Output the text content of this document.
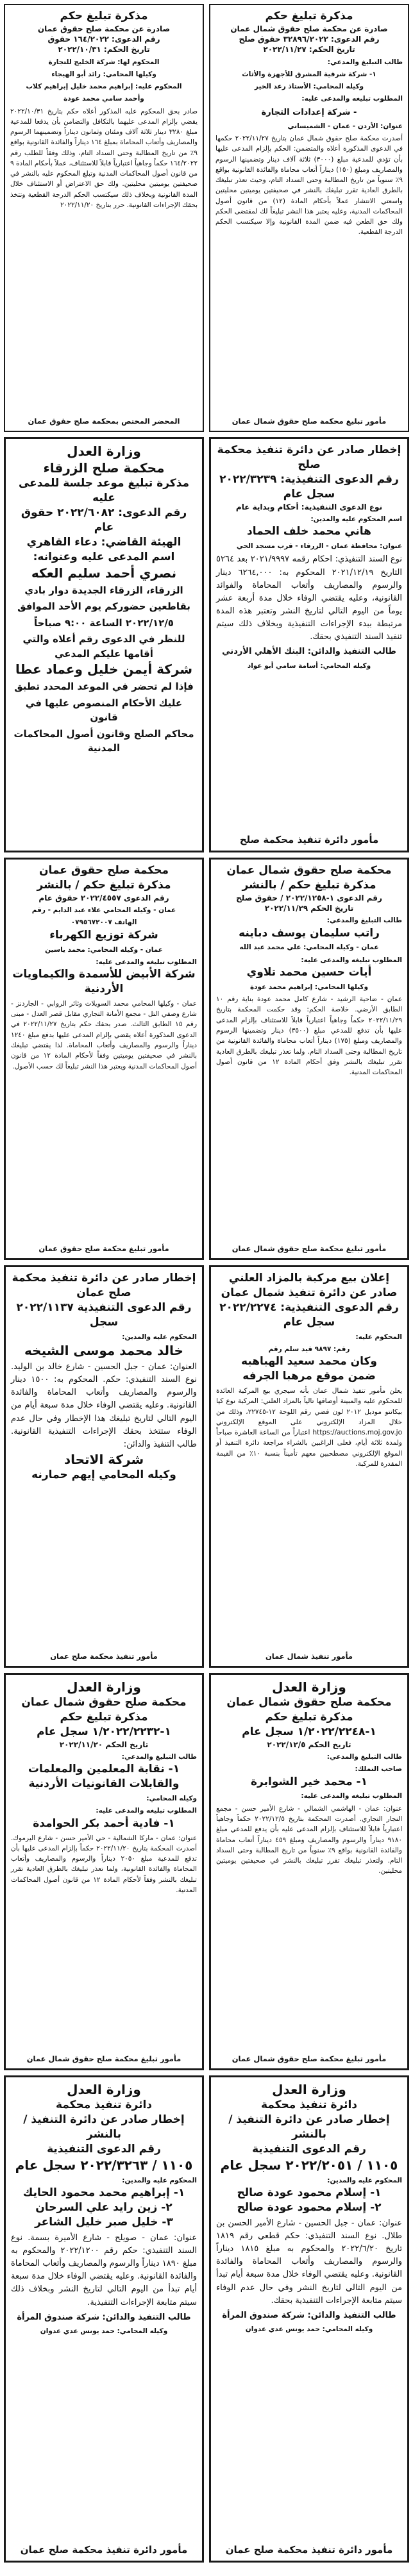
مذكرة تبليغ حكم
صادرة عن محكمة صلح حقوق شمال عمان
رقم الدعوى: ٣٢٨٩٦/٢٠٢٢ حقوق صلح
تاريخ الحكم: ٢٠٢٢/١١/٢٧
طالب التبليغ والمدعي:
١- شركة شرقية المشرق للأجهزة والأثاث
وكيله المحامي: الأستاذ رعد الخير
المطلوب تبليغه والمدعى عليه:
- شركة إعدادات التجارة
عنوان: الأردن - عمان - الشميساني
أصدرت محكمة صلح حقوق شمال عمان بتاريخ ٢٠٢٢/١١/٢٧ حكمها في الدعوى المذكورة أعلاه والمتضمن: الحكم بإلزام المدعى عليها بأن تؤدي للمدعية مبلغ (٣٠٠٠) ثلاثة آلاف دينار وتضمينها الرسوم والمصاريف ومبلغ (١٥٠) ديناراً أتعاب محاماة والفائدة القانونية بواقع ٩٪ سنوياً من تاريخ المطالبة وحتى السداد التام، وحيث تعذر تبليغك بالطرق العادية تقرر تبليغك بالنشر في صحيفتين يوميتين محليتين واسعتي الانتشار عملاً بأحكام المادة (١٢) من قانون أصول المحاكمات المدنية، وعليه يعتبر هذا النشر تبليغاً لك لمقتضى الحكم ولك حق الطعن فيه ضمن المدة القانونية وإلا سيكتسب الحكم الدرجة القطعية.
مأمور تبليغ محكمة صلح حقوق شمال عمان
مذكرة تبليغ حكم
صادرة عن محكمة صلح حقوق عمان
رقم الدعوى: ١٦٤/٢٠٢٢ حقوق
تاريخ الحكم: ٢٠٢٢/١٠/٣١
المحكوم لها: شركة الخليج للتجارة
وكيلها المحامي: رائد أبو الهيجاء
المحكوم عليه: إبراهيم محمد خليل إبراهيم كلاب
وأحمد سامي محمد عودة
صادر بحق المحكوم عليه المذكور أعلاه حكم بتاريخ ٢٠٢٢/١٠/٣١ يقضي بإلزام المدعى عليهما بالتكافل والتضامن بأن يدفعا للمدعية مبلغ ٣٢٨٠ دينار ثلاثة آلاف ومئتان وثمانون ديناراً وتضمينهما الرسوم والمصاريف وأتعاب المحاماة بمبلغ ١٦٤ ديناراً والفائدة القانونية بواقع ٩٪ من تاريخ المطالبة وحتى السداد التام، وذلك وفقاً للطلب رقم ١٦٤/٢٠٢٢ حكماً وجاهياً اعتبارياً قابلاً للاستئناف، عملاً بأحكام المادة ٩ من قانون أصول المحاكمات المدنية وتبلغ المحكوم عليه بالنشر في صحيفتين يوميتين محليتين. ولك حق الاعتراض أو الاستئناف خلال المدة القانونية وبخلاف ذلك سيكتسب الحكم الدرجة القطعية وتتخذ بحقك الإجراءات القانونية. حرر بتاريخ ٢٠٢٢/١١/٢٠
المحضر المختص بمحكمة صلح حقوق عمان
إخطار صادر عن دائرة تنفيذ محكمة صلح
رقم الدعوى التنفيذية: ٢٠٢٢/٣٢٣٩ سجل عام
نوع الدعوى التنفيذية: أحكام وبداية عام
اسم المحكوم عليه والمدين:
هاني محمد خلف الحماد
عنوان: محافظة عمان - الزرقاء - قرب مسجد الحي
نوع السند التنفيذي: احكام رقمه ٢٠٢١/٩٩٩٧ بعد ٥٢٦٤ التاريخ ٢٠٢١/١٢/١٩ المحكوم به: ٦٢٦٤,٠٠٠ دينار والرسوم والمصاريف وأتعاب المحاماة والفوائد القانونية، وعليه يقتضي الوفاء خلال مدة أربعة عشر يوماً من اليوم التالي لتاريخ النشر وتعتبر هذه المدة مرتبطة ببدء الإجراءات التنفيذية وبخلاف ذلك سيتم تنفيذ السند التنفيذي بحقك.
طالب التنفيذ والدائن: البنك الأهلي الأردني
وكيله المحامي: أسامة سامي أبو عواد
مأمور دائرة تنفيذ محكمة صلح
وزارة العدل
محكمة صلح الزرقاء
مذكرة تبليغ موعد جلسة للمدعى عليه
رقم الدعوى: ٢٠٢٢/٦٠٨٢ حقوق عام
الهيئة القاضي: دعاء القاهري
اسم المدعى عليه وعنوانه:
نصري أحمد سليم العكه
الزرقاء، الزرقاء الجديدة دوار بادي
بقاطعين حضوركم يوم الأحد الموافق
٢٠٢٢/١٢/٥ الساعة ٩:٠٠ صباحاً
للنظر في الدعوى رقم أعلاه والتي أقامها عليكم المدعي
شركة أيمن خليل وعماد عطا
فإذا لم تحضر في الموعد المحدد تطبق
عليك الأحكام المنصوص عليها في قانون
محاكم الصلح وقانون أصول المحاكمات المدنية
محكمة صلح حقوق شمال عمان
مذكرة تبليغ حكم / بالنشر
رقم الدعوى ١-٢٠٢٢/١٢٥٨ / حقوق صلح
تاريخ الحكم ٢٠٢٢/١١/٢٩
طالب التبليغ والمدعي:
راتب سليمان يوسف دباينه
عمان - وكيله المحامي: علي محمد عبد الله
المطلوب تبليغه والمدعى عليه:
أيات حسين محمد تلاوي
وكيلها المحامي: إبراهيم محمد عودة
عمان - ضاحية الرشيد - شارع كامل محمد عودة بناية رقم ١٠ الطابق الأرضي. خلاصة الحكم: وقد حكمت المحكمة بتاريخ ٢٠٢٢/١١/٢٩ حكماً وجاهياً اعتبارياً قابلاً للاستئناف بإلزام المدعى عليها بأن تدفع للمدعي مبلغ (٣٥٠٠) دينار وتضمينها الرسوم والمصاريف ومبلغ (١٧٥) ديناراً أتعاب محاماة والفائدة القانونية من تاريخ المطالبة وحتى السداد التام. ولما تعذر تبليغك بالطرق العادية تقرر تبليغك بالنشر وفق أحكام المادة ١٢ من قانون أصول المحاكمات المدنية.
مأمور تبليغ محكمة صلح حقوق شمال عمان
محكمة صلح حقوق عمان
مذكرة تبليغ حكم / بالنشر
رقم الدعوى ٢٠٢٢/٤٥٥٧ حقوق عام
عمان - وكيله المحامي علاء عبد الدايم - رقم
الهاتف ٠٧٩٥٦٧٢٠٠٧
شركة توزيع الكهرباء
عمان - وكيله المحامي: محمد ياسين
المطلوب تبليغه والمدعى عليه:
شركة الأبيض للأسمدة والكيماويات الأردنية
عمان - وكيلها المحامي محمد السويلات وثائر الروابي - الجاردنز - شارع وصفي التل - مجمع الأمانة التجاري مقابل قصر العدل - مبنى رقم ١٥ الطابق الثالث. صدر بحقك حكم بتاريخ ٢٠٢٢/١١/٢٧ في الدعوى المذكورة أعلاه يقضي بإلزام المدعى عليها بدفع مبلغ ١٢٤٠ ديناراً والرسوم والمصاريف وأتعاب المحاماة. لذا يقتضي تبليغك بالنشر في صحيفتين يوميتين وفقاً لأحكام المادة ١٢ من قانون أصول المحاكمات المدنية ويعتبر هذا النشر تبليغاً لك حسب الأصول.
مأمور تبليغ محكمة صلح حقوق عمان
إعلان بيع مركبة بالمزاد العلني
صادر عن دائرة تنفيذ شمال عمان
رقم الدعوى التنفيذية: ٢٠٢٢/٢٢٧٤
سجل عام
المحكوم عليه:
رقم: ٩٨٩٧ قيد سلم رقم
وكان محمد سعيد الهباهبه
ضمن موقع مرهبا الجرفه
يعلن مأمور تنفيذ شمال عمان بأنه سيجري بيع المركبة العائدة للمحكوم عليه والمبينة أوصافها تالياً بالمزاد العلني: المركبة نوع كيا بيكانتو موديل ٢٠١٢ لون فضي رقم اللوحة ١٢-٢٢٧٤٥، وذلك من خلال المزاد الإلكتروني على الموقع الإلكتروني https://auctions.moj.gov.jo اعتباراً من الساعة العاشرة صباحاً ولمدة ثلاثة أيام، فعلى الراغبين بالشراء مراجعة دائرة التنفيذ أو الموقع الإلكتروني مصطحبين معهم تأميناً بنسبة ١٠٪ من القيمة المقدرة للمركبة.
مأمور تنفيذ شمال عمان
إخطار صادر عن دائرة تنفيذ محكمة
صلح عمان
رقم الدعوى التنفيذية ٢٠٢٢/١١٣٧ سجل
المحكوم عليه والمدين:
خالد محمد موسى الشيخه
العنوان: عمان - جبل الحسين - شارع خالد بن الوليد. نوع السند التنفيذي: حكم. المحكوم به: ١٥٠٠ دينار والرسوم والمصاريف وأتعاب المحاماة والفائدة القانونية. وعليه يقتضي الوفاء خلال مدة سبعة أيام من اليوم التالي لتاريخ تبليغك هذا الإخطار وفي حال عدم الوفاء ستتخذ بحقك الإجراءات التنفيذية القانونية. طالب التنفيذ والدائن:
شركة الاتحاد
وكيله المحامي إيهم حمارنه
مأمور تنفيذ محكمة صلح عمان
وزارة العدل
محكمة صلح حقوق شمال عمان
مذكرة تبليغ حكم
١-١/٢٠٢٢/٢٢٤٨ سجل عام
تاريخ الحكم ٢٠٢٢/١٢/٥
طالب التبليغ والمدعي:
صاحب التملك:
١- محمد خير الشوابرة
المطلوب تبليغه والمدعى عليه:
عنوان: عمان - الهاشمي الشمالي - شارع الأمير حسن - مجمع النجار التجاري. أصدرت المحكمة بتاريخ ٢٠٢٢/١٢/٥ حكماً وجاهياً اعتبارياً قابلاً للاستئناف بإلزام المدعى عليه بأن يدفع للمدعي مبلغ ٩١٨٠ ديناراً والرسوم والمصاريف ومبلغ ٤٥٩ ديناراً أتعاب محاماة والفائدة القانونية بواقع ٩٪ سنوياً من تاريخ المطالبة وحتى السداد التام. ولتعذر تبليغك تقرر تبليغك بالنشر في صحيفتين يوميتين محليتين.
مأمور تبليغ محكمة صلح حقوق شمال عمان
وزارة العدل
محكمة صلح حقوق شمال عمان
مذكرة تبليغ حكم
١-١/٢٠٢٢/٢٢٣٢ سجل عام
تاريخ الحكم ٢٠٢٢/١١/٢٠
طالب التبليغ والمدعي:
١- نقابة المعلمين والمعلمات والقابلات القانونيات الأردنية
وكيله المحامي:
المطلوب تبليغه والمدعى عليه:
١- فادية أحمد بكر الحوامدة
عنوان: عمان - ماركا الشمالية - حي الأمير حسن - شارع اليرموك. أصدرت المحكمة بتاريخ ٢٠٢٢/١١/٢٠ حكماً بإلزام المدعى عليها بأن تدفع للمدعية مبلغ ٢٠٥٠ ديناراً والرسوم والمصاريف وأتعاب المحاماة والفائدة القانونية، ولما تعذر تبليغك بالطرق العادية تقرر تبليغك بالنشر وفقاً لأحكام المادة ١٢ من قانون أصول المحاكمات المدنية.
مأمور تبليغ محكمة صلح حقوق شمال عمان
وزارة العدل
دائرة تنفيذ محكمة
إخطار صادر عن دائرة التنفيذ / بالنشر
رقم الدعوى التنفيذية
١١٠٥ / ٢٠٢٢/٢٠٥١ سجل عام
المحكوم عليه والمدين:
١- إسلام محمود عودة صالح
٢- إسلام محمود عودة صالح
عنوان: عمان - جبل الحسين - شارع الأمير الحسن بن طلال. نوع السند التنفيذي: حكم قطعي رقم ١٨١٩ تاريخ ٢٠٢٢/٦/٢٠ والمحكوم به مبلغ ١٨١٥ ديناراً والرسوم والمصاريف وأتعاب المحاماة والفائدة القانونية. وعليه يقتضي الوفاء خلال مدة سبعة أيام تبدأ من اليوم التالي لتاريخ النشر وفي حال عدم الوفاء سيتم متابعة الإجراءات التنفيذية بحقك.
طالب التنفيذ والدائن: شركة صندوق المرأة
وكيله المحامي: حمد يونس عدي عدوان
مأمور دائرة تنفيذ محكمة صلح عمان
وزارة العدل
دائرة تنفيذ محكمة
إخطار صادر عن دائرة التنفيذ / بالنشر
رقم الدعوى التنفيذية
١١٠٥ / ٢٠٢٢/٣٢٦٣ سجل عام
المحكوم عليه والمدين:
١- إبراهيم محمد محمود الحايك
٢- زين رايد علي السرحان
٣- خليل صبر خليل الشاعر
عنوان: عمان - صويلح - شارع الأميرة بسمة. نوع السند التنفيذي: حكم رقم ٢٠٢٢/١٢٠٠ والمحكوم به مبلغ ١٨٩٠ ديناراً والرسوم والمصاريف وأتعاب المحاماة والفائدة القانونية. وعليه يقتضي الوفاء خلال مدة سبعة أيام تبدأ من اليوم التالي لتاريخ النشر وبخلاف ذلك سيتم متابعة الإجراءات التنفيذية.
طالب التنفيذ والدائن: شركة صندوق المرأة
وكيله المحامي: حمد يونس عدي عدوان
مأمور دائرة تنفيذ محكمة صلح عمان
